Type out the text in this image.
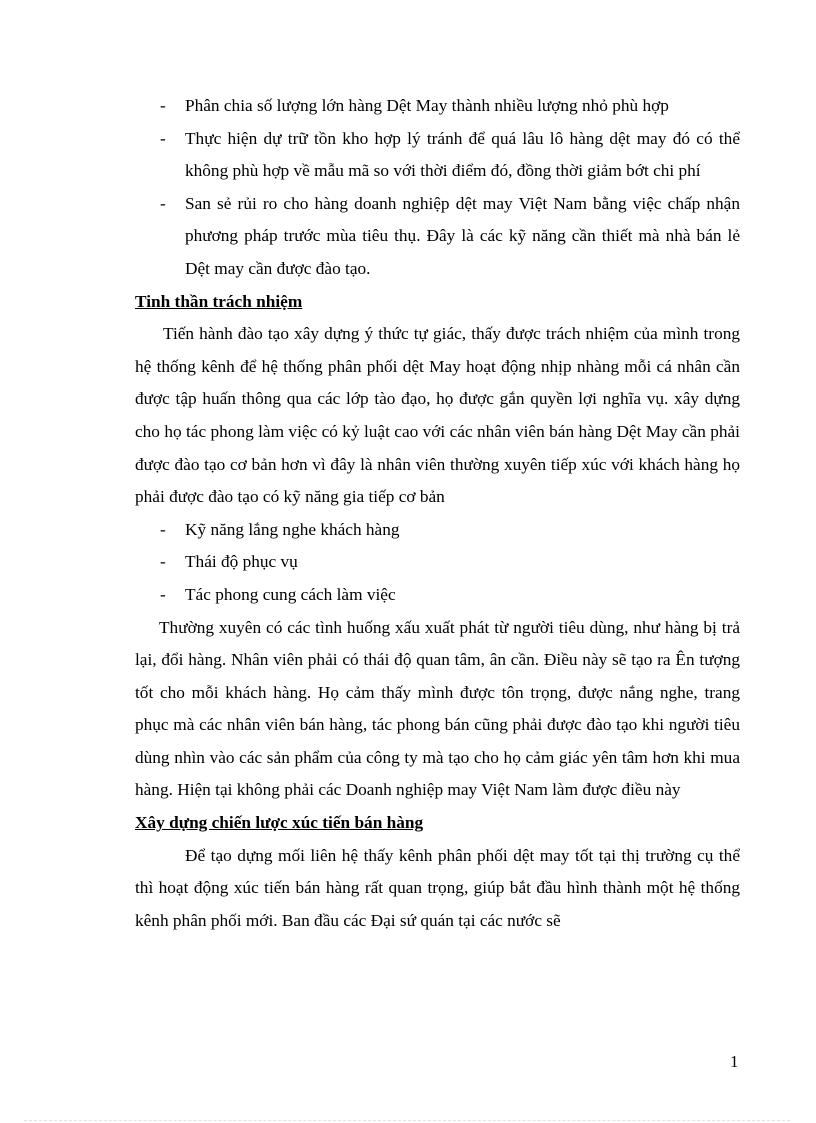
- Phân chia số lượng lớn hàng Dệt May thành nhiều lượng nhỏ phù hợp
- Thực hiện dự trữ tồn kho hợp lý tránh để quá lâu lô hàng dệt may đó có thể không phù hợp về mẫu mã so với thời điểm đó, đồng thời giảm bớt chi phí
- San sẻ rủi ro cho hàng doanh nghiệp dệt may Việt Nam bằng việc chấp nhận phương pháp trước mùa tiêu thụ. Đây là các kỹ năng cần thiết mà nhà bán lẻ Dệt may cần được đào tạo.
Tinh thần trách nhiệm
Tiến hành đào tạo xây dựng ý thức tự giác, thấy được trách nhiệm của mình trong hệ thống kênh để hệ thống phân phối dệt May hoạt động nhịp nhàng mỗi cá nhân cần được tập huấn thông qua các lớp tào đạo, họ được gắn quyền lợi nghĩa vụ. xây dựng cho họ tác phong làm việc có kỷ luật cao với các nhân viên bán hàng Dệt May cần phải được đào tạo cơ bản hơn vì đây là nhân viên thường xuyên tiếp xúc với khách hàng họ phải được đào tạo có kỹ năng gia tiếp cơ bản
- Kỹ năng lắng nghe khách hàng
- Thái độ phục vụ
- Tác phong cung cách làm việc
Thường xuyên có các tình huống xấu xuất phát từ người tiêu dùng, như hàng bị trả lại, đổi hàng. Nhân viên phải có thái độ quan tâm, ân cần. Điều này sẽ tạo ra Ên tượng tốt cho mỗi khách hàng. Họ cảm thấy mình được tôn trọng, được nắng nghe, trang phục mà các nhân viên bán hàng, tác phong bán cũng phải được đào tạo khi người tiêu dùng nhìn vào các sản phẩm của công ty mà tạo cho họ cảm giác yên tâm hơn khi mua hàng. Hiện tại không phải các Doanh nghiệp may Việt Nam làm được điều này
Xây dựng chiến lược xúc tiến bán hàng
Để tạo dựng mối liên hệ thấy kênh phân phối dệt may tốt tại thị trường cụ thể thì hoạt động xúc tiến bán hàng rất quan trọng, giúp bắt đầu hình thành một hệ thống kênh phân phối mới. Ban đầu các Đại sứ quán tại các nước sẽ
1
